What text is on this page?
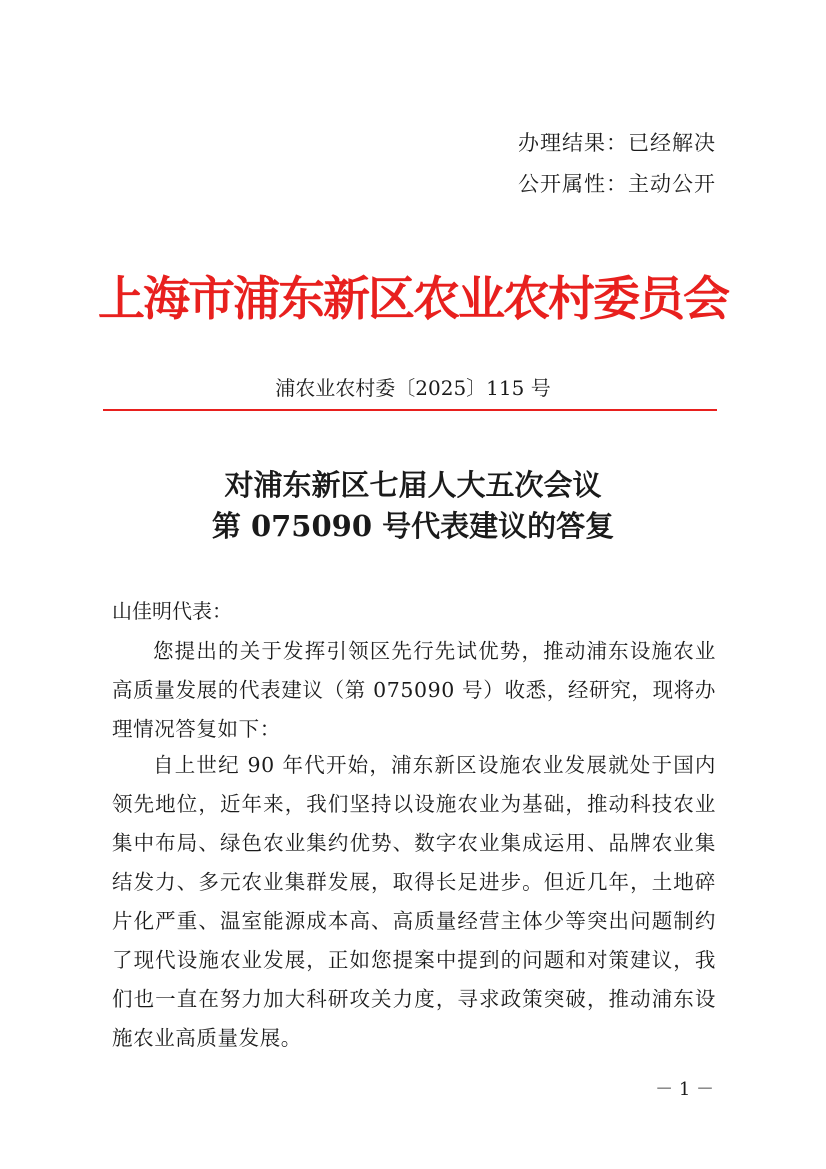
办理结果：已经解决
公开属性：主动公开
上海市浦东新区农业农村委员会
浦农业农村委〔2025〕115 号
对浦东新区七届人大五次会议
第 075090 号代表建议的答复
山佳明代表：

您提出的关于发挥引领区先行先试优势，推动浦东设施农业高质量发展的代表建议（第 075090 号）收悉，经研究，现将办理情况答复如下：

自上世纪 90 年代开始，浦东新区设施农业发展就处于国内领先地位，近年来，我们坚持以设施农业为基础，推动科技农业集中布局、绿色农业集约优势、数字农业集成运用、品牌农业集结发力、多元农业集群发展，取得长足进步。但近几年，土地碎片化严重、温室能源成本高、高质量经营主体少等突出问题制约了现代设施农业发展，正如您提案中提到的问题和对策建议，我们也一直在努力加大科研攻关力度，寻求政策突破，推动浦东设施农业高质量发展。

－ 1 －
